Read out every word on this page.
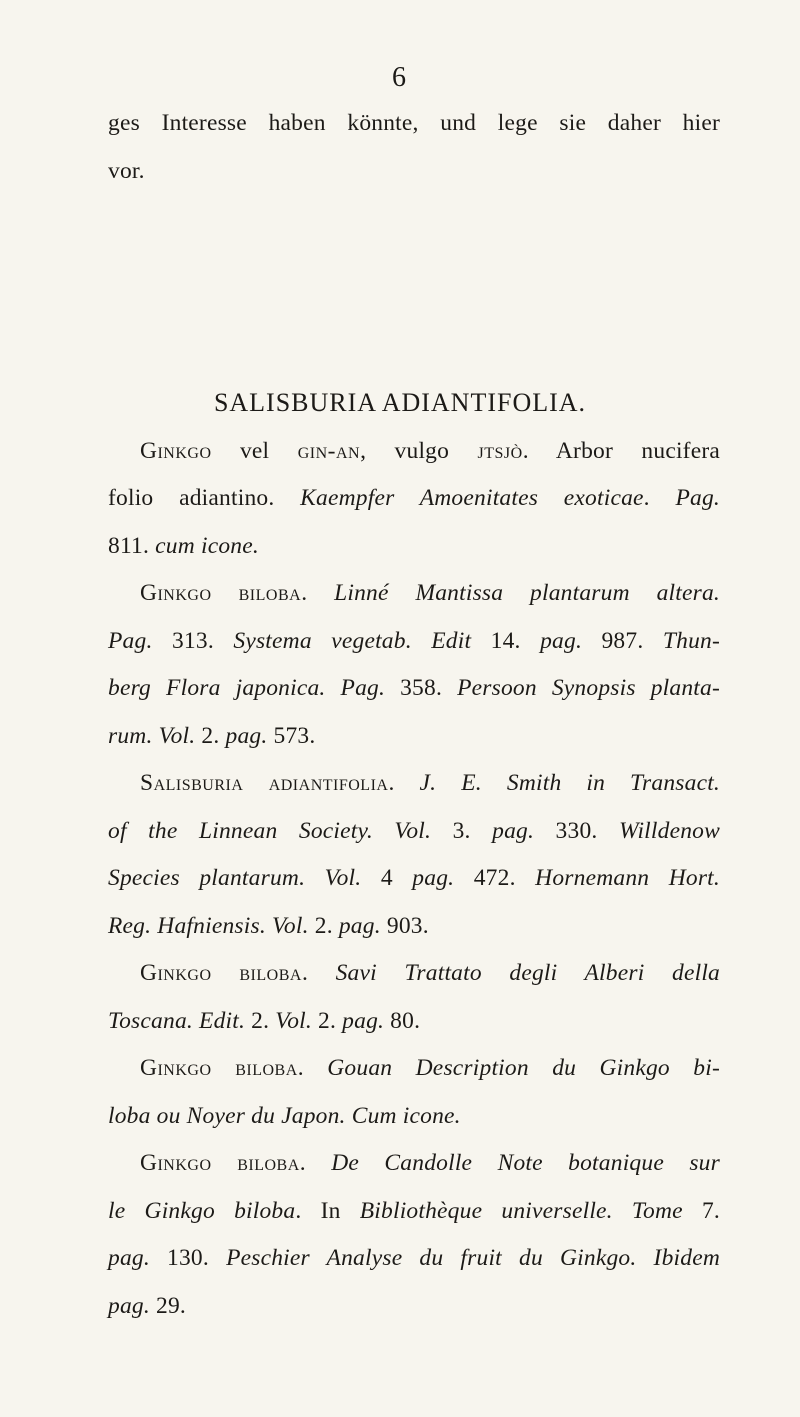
6
ges Interesse haben könnte, und lege sie daher hier
vor.
SALISBURIA ADIANTIFOLIA.
Ginkgo vel gin-an, vulgo jtsjò. Arbor nucifera
folio adiantino. Kaempfer Amoenitates exoticae. Pag.
811. cum icone.
Ginkgo biloba. Linné Mantissa plantarum altera.
Pag. 313. Systema vegetab. Edit 14. pag. 987. Thun-
berg Flora japonica. Pag. 358. Persoon Synopsis planta-
rum. Vol. 2. pag. 573.
Salisburia adiantifolia. J. E. Smith in Transact.
of the Linnean Society. Vol. 3. pag. 330. Willdenow
Species plantarum. Vol. 4 pag. 472. Hornemann Hort.
Reg. Hafniensis. Vol. 2. pag. 903.
Ginkgo biloba. Savi Trattato degli Alberi della
Toscana. Edit. 2. Vol. 2. pag. 80.
Ginkgo biloba. Gouan Description du Ginkgo bi-
loba ou Noyer du Japon. Cum icone.
Ginkgo biloba. De Candolle Note botanique sur
le Ginkgo biloba. In Bibliothèque universelle. Tome 7.
pag. 130. Peschier Analyse du fruit du Ginkgo. Ibidem
pag. 29.
